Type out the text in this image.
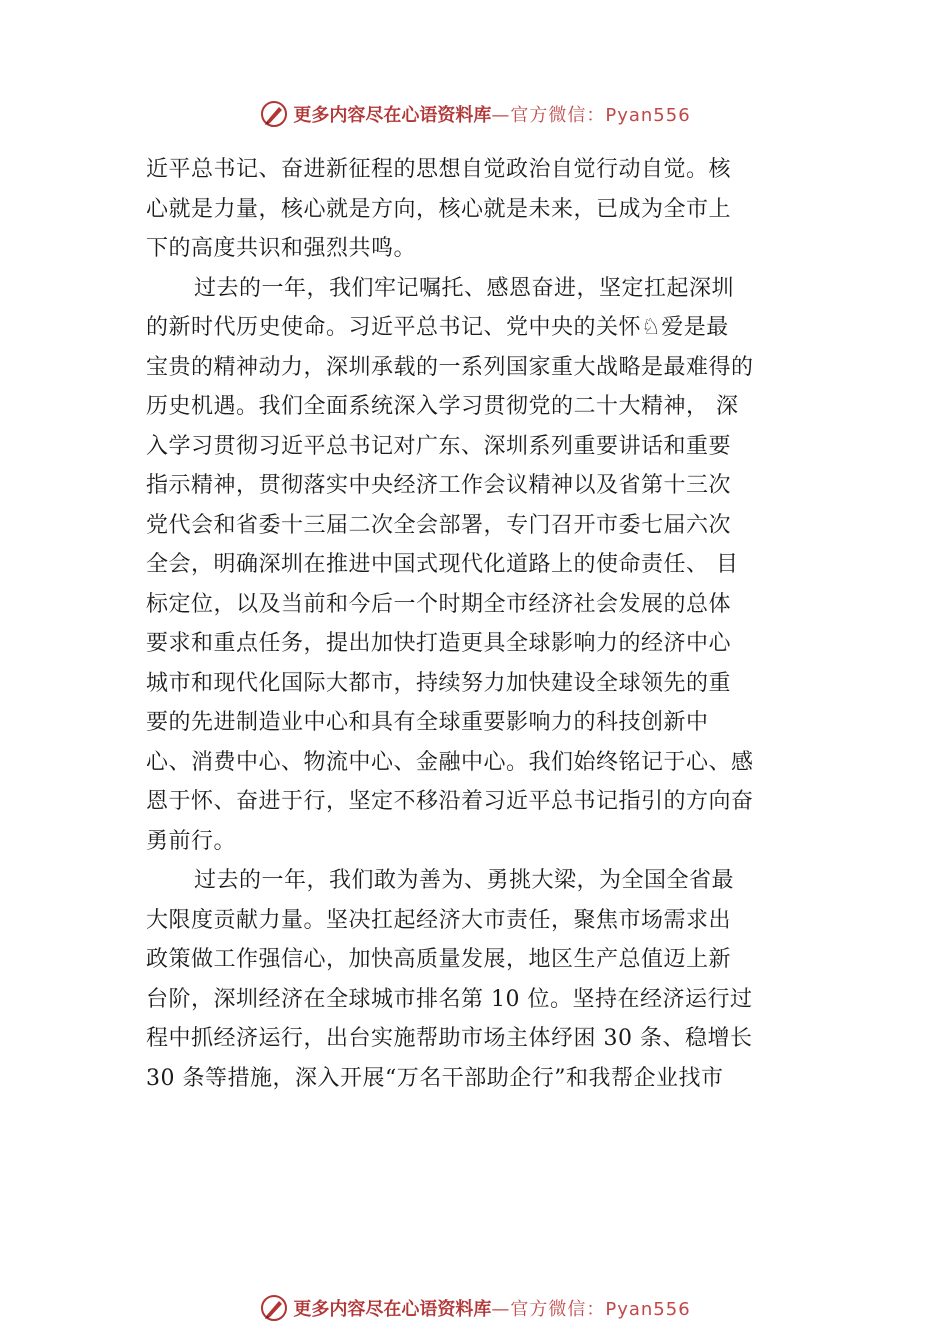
更多内容尽在心语资料库 —官方微信：Pyan556
近平总书记、奋进新征程的思想自觉政治自觉行动自觉。核
心就是力量，核心就是方向，核心就是未来，已成为全市上
下的高度共识和强烈共鸣。
过去的一年，我们牢记嘱托、感恩奋进，坚定扛起深圳
的新时代历史使命。习近平总书记、党中央的关怀♘爱是最
宝贵的精神动力，深圳承载的一系列国家重大战略是最难得的
历史机遇。我们全面系统深入学习贯彻党的二十大精神， 深
入学习贯彻习近平总书记对广东、深圳系列重要讲话和重要
指示精神，贯彻落实中央经济工作会议精神以及省第十三次
党代会和省委十三届二次全会部署，专门召开市委七届六次
全会，明确深圳在推进中国式现代化道路上的使命责任、 目
标定位，以及当前和今后一个时期全市经济社会发展的总体
要求和重点任务，提出加快打造更具全球影响力的经济中心
城市和现代化国际大都市，持续努力加快建设全球领先的重
要的先进制造业中心和具有全球重要影响力的科技创新中
心、消费中心、物流中心、金融中心。我们始终铭记于心、感
恩于怀、奋进于行，坚定不移沿着习近平总书记指引的方向奋
勇前行。
过去的一年，我们敢为善为、勇挑大梁，为全国全省最
大限度贡献力量。坚决扛起经济大市责任，聚焦市场需求出
政策做工作强信心，加快高质量发展，地区生产总值迈上新
台阶，深圳经济在全球城市排名第 10 位。坚持在经济运行过
程中抓经济运行，出台实施帮助市场主体纾困 30 条、稳增长
30 条等措施，深入开展“万名干部助企行”和我帮企业找市
更多内容尽在心语资料库 —官方微信：Pyan556
